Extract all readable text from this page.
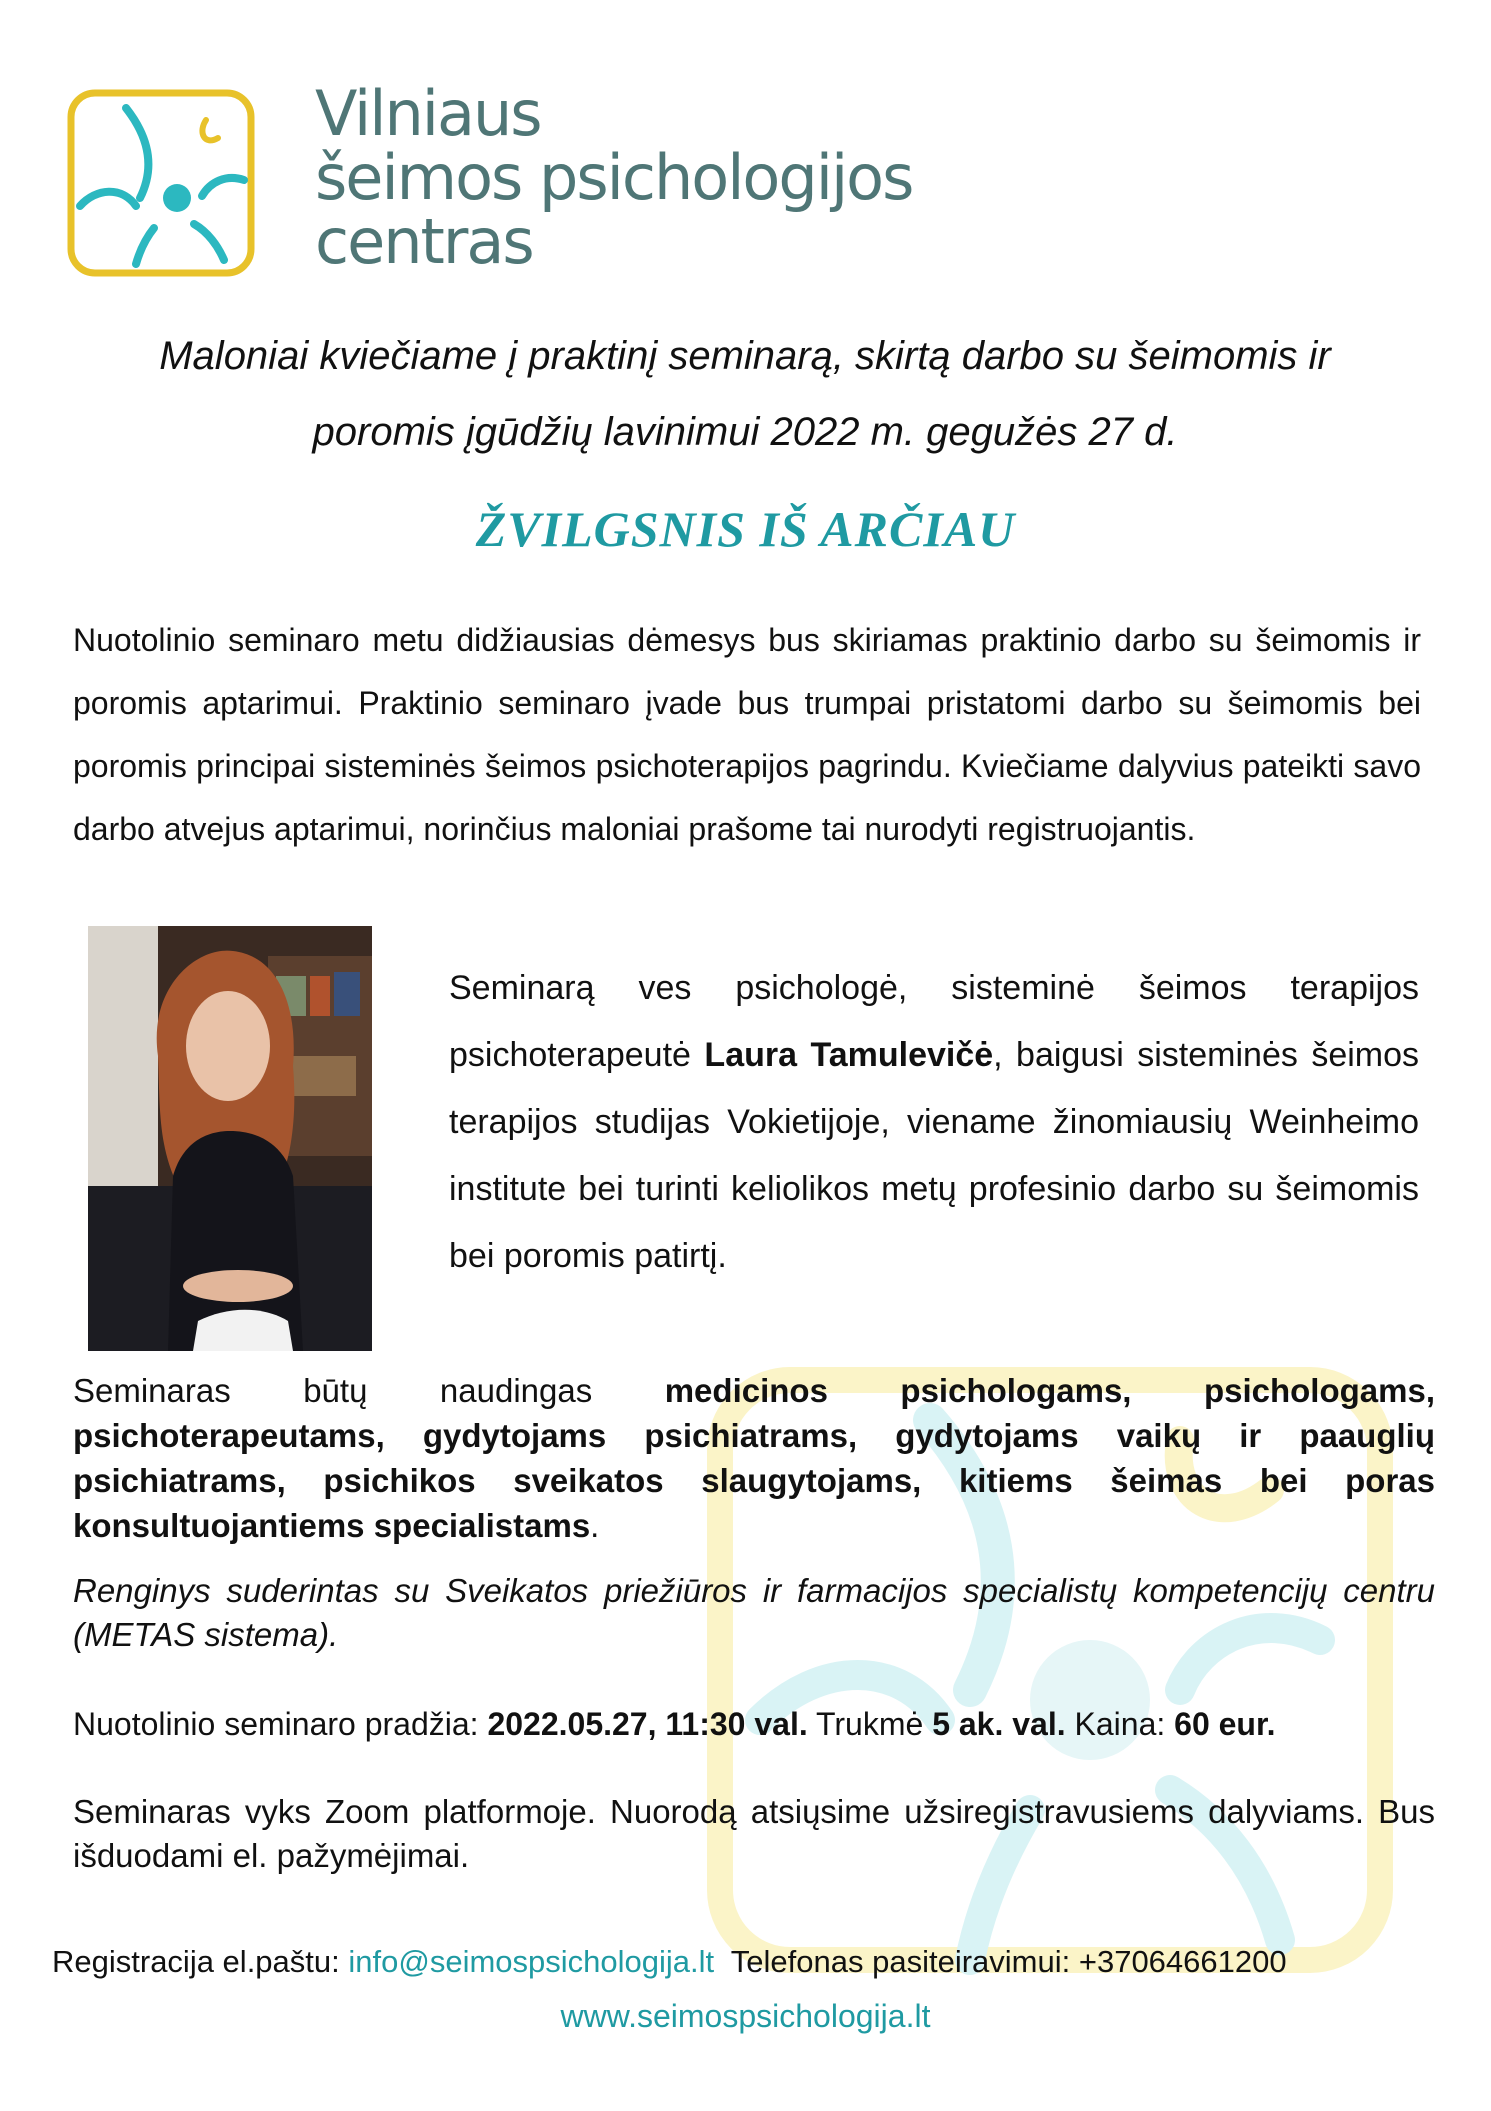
Vilniaus
šeimos psichologijos
centras
Maloniai kviečiame į praktinį seminarą, skirtą darbo su šeimomis ir
poromis įgūdžių lavinimui 2022 m. gegužės 27 d.
ŽVILGSNIS IŠ ARČIAU
Nuotolinio seminaro metu didžiausias dėmesys bus skiriamas praktinio darbo su šeimomis ir poromis aptarimui. Praktinio seminaro įvade bus trumpai pristatomi darbo su šeimomis bei poromis principai sisteminės šeimos psichoterapijos pagrindu. Kviečiame dalyvius pateikti savo darbo atvejus aptarimui, norinčius maloniai prašome tai nurodyti registruojantis.
Seminarą ves psichologė, sisteminė šeimos terapijos psichoterapeutė Laura Tamulevičė, baigusi sisteminės šeimos terapijos studijas Vokietijoje, viename žinomiausių Weinheimo institute bei turinti keliolikos metų profesinio darbo su šeimomis bei poromis patirtį.
Seminaras būtų naudingas medicinos psichologams, psichologams, psichoterapeutams, gydytojams psichiatrams, gydytojams vaikų ir paauglių psichiatrams, psichikos sveikatos slaugytojams, kitiems šeimas bei poras konsultuojantiems specialistams.
Renginys suderintas su Sveikatos priežiūros ir farmacijos specialistų kompetencijų centru (METAS sistema).
Nuotolinio seminaro pradžia: 2022.05.27, 11:30 val. Trukmė 5 ak. val. Kaina: 60 eur.
Seminaras vyks Zoom platformoje. Nuorodą atsiųsime užsiregistravusiems dalyviams. Bus išduodami el. pažymėjimai.
Registracija el.paštu: info@seimospsichologija.lt  Telefonas pasiteiravimui: +37064661200
www.seimospsichologija.lt
